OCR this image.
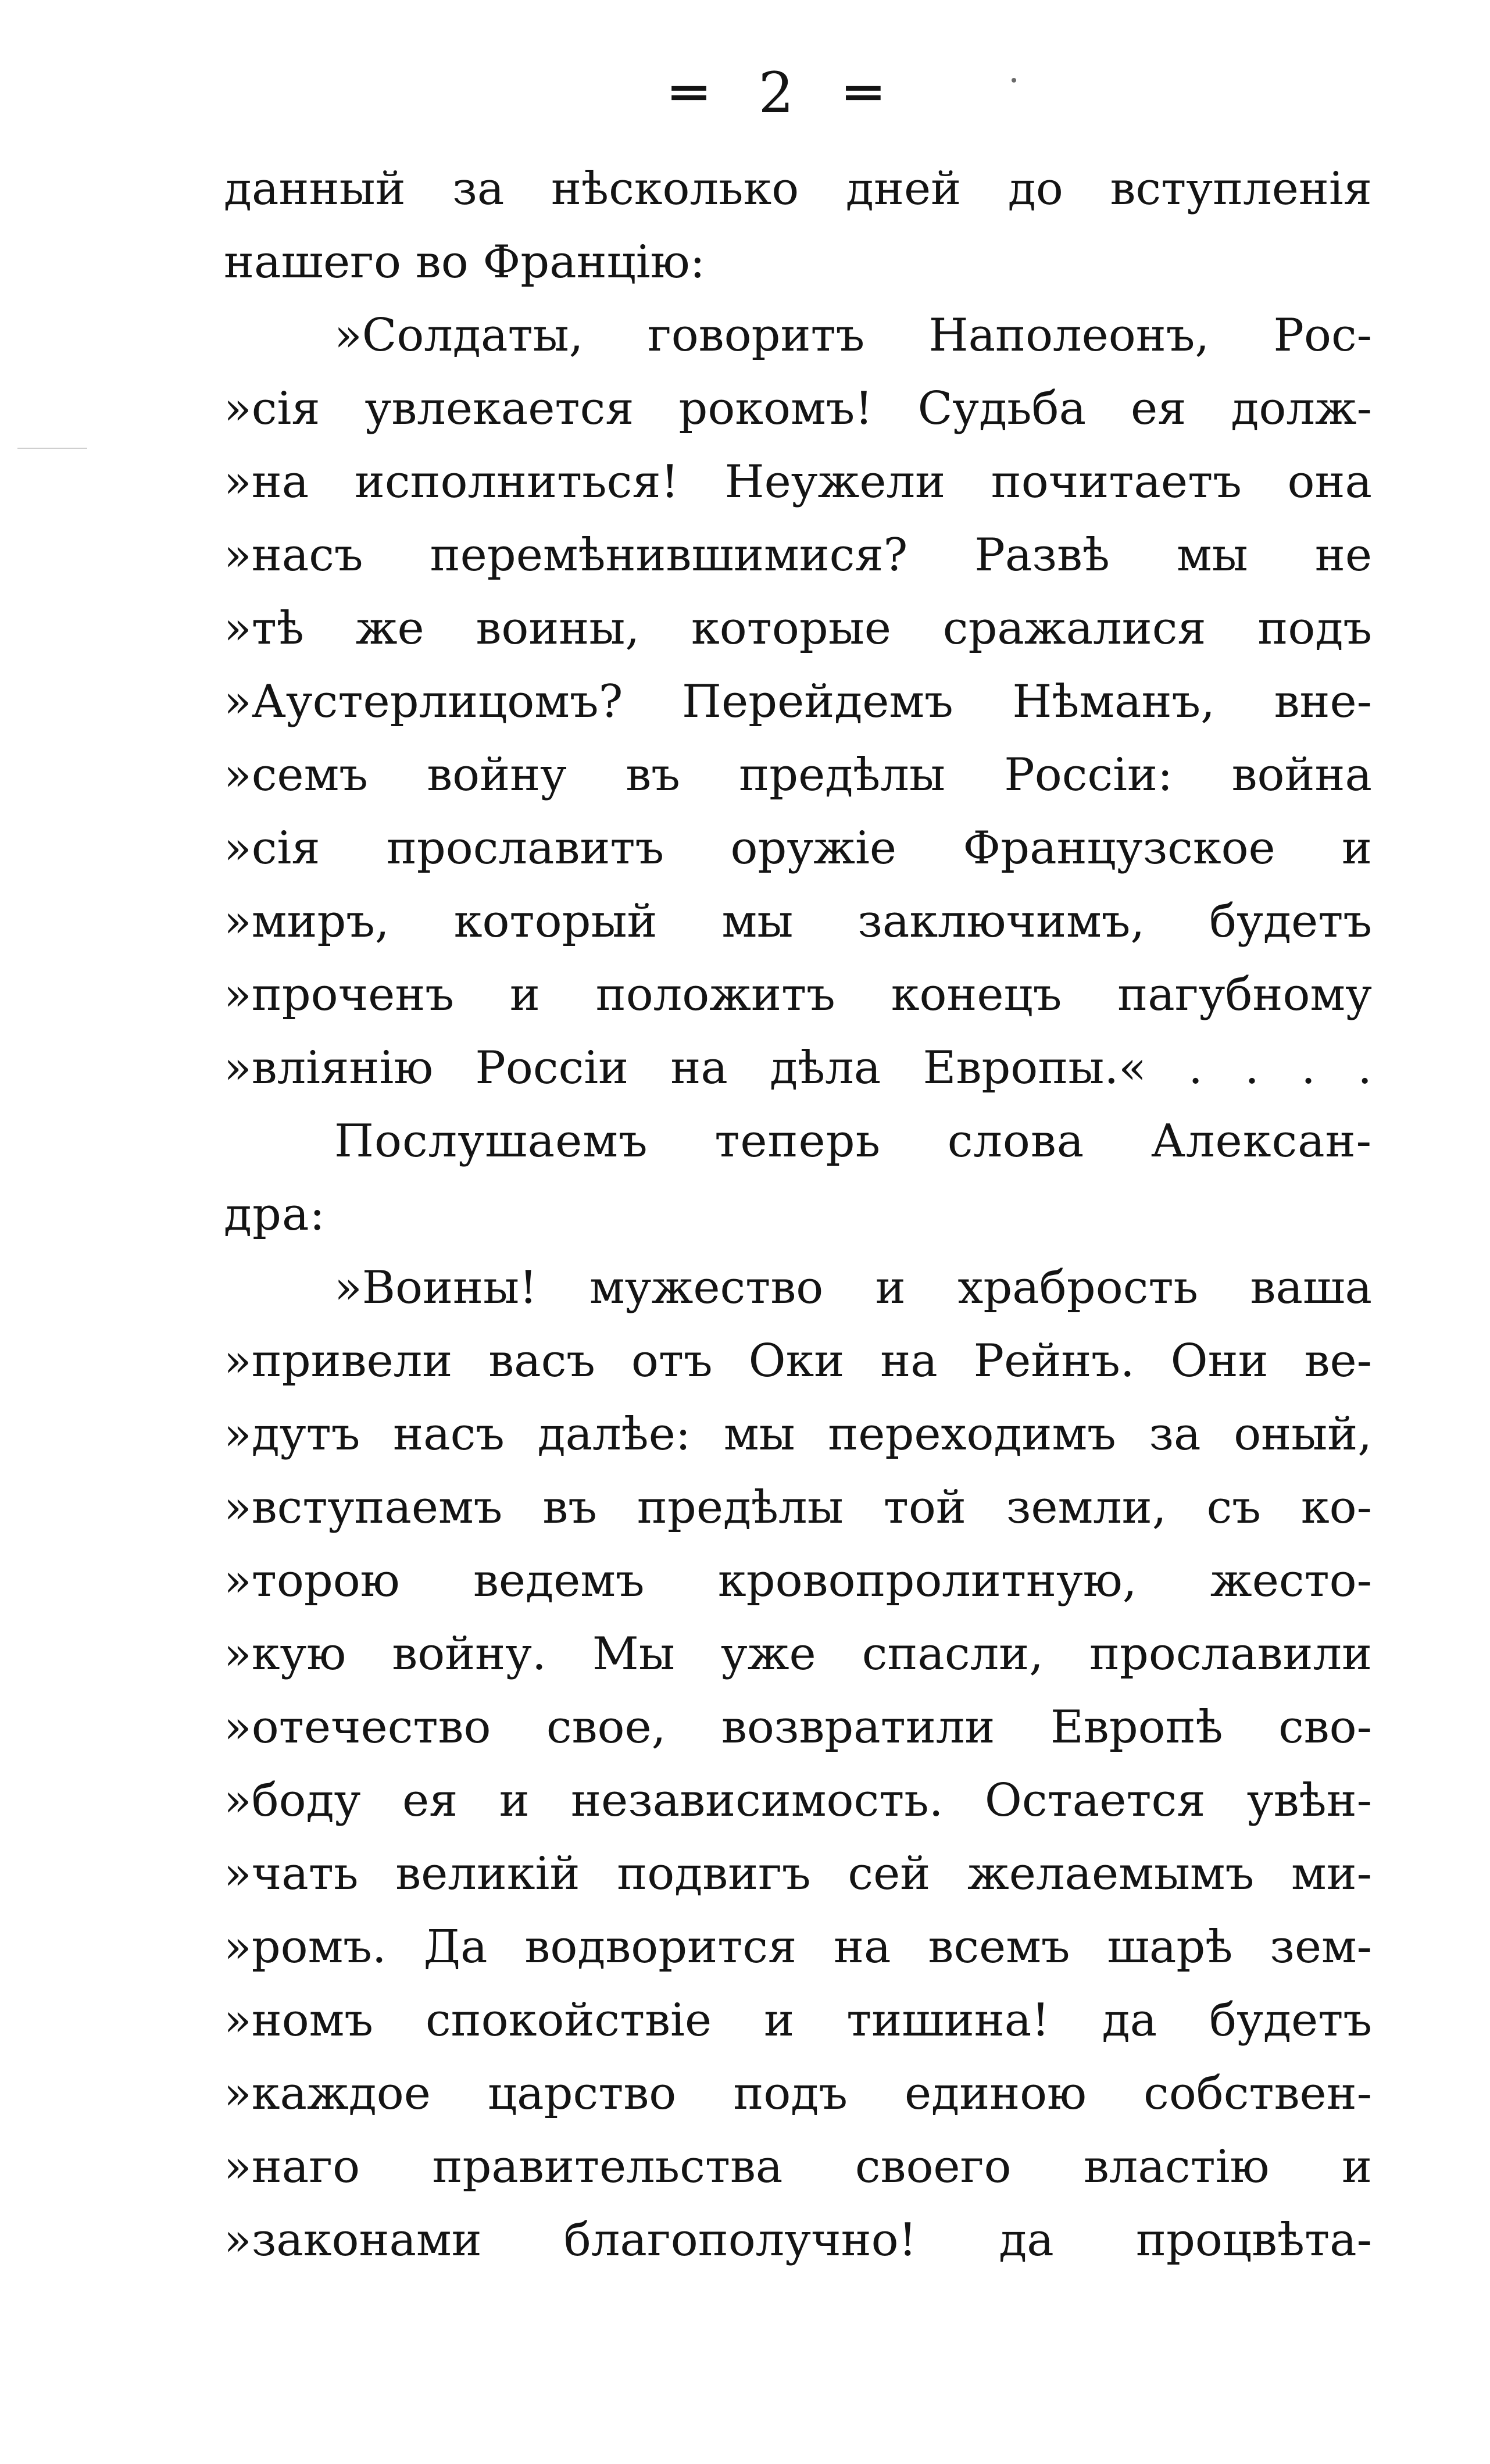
═ 2 ═
данный за нѣсколько дней до вступленія
нашего во Францію:
»Солдаты, говоритъ Наполеонъ, Рос-
»сія увлекается рокомъ! Судьба ея долж-
»на исполниться! Неужели почитаетъ она
»насъ перемѣнившимися? Развѣ мы не
»тѣ же воины, которые сражалися подъ
»Аустерлицомъ? Перейдемъ Нѣманъ, вне-
»семъ войну въ предѣлы Россіи: война
»сія прославитъ оружіе Французское и
»миръ, который мы заключимъ, будетъ
»проченъ и положитъ конецъ пагубному
»вліянію Россіи на дѣла Европы.« . . . .
Послушаемъ теперь слова Алексан-
дра:
»Воины! мужество и храбрость ваша
»привели васъ отъ Оки на Рейнъ. Они ве-
»дутъ насъ далѣе: мы переходимъ за оный,
»вступаемъ въ предѣлы той земли, съ ко-
»торою ведемъ кровопролитную, жесто-
»кую войну. Мы уже спасли, прославили
»отечество свое, возвратили Европѣ сво-
»боду ея и независимость. Остается увѣн-
»чать великій подвигъ сей желаемымъ ми-
»ромъ. Да водворится на всемъ шарѣ зем-
»номъ спокойствіе и тишина! да будетъ
»каждое царство подъ единою собствен-
»наго правительства своего властію и
»законами благополучно! да процвѣта-
